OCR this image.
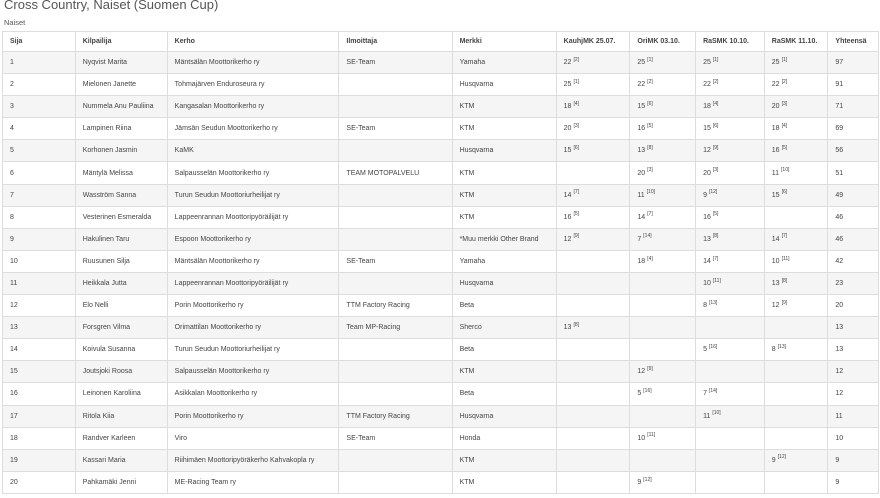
Cross Country, Naiset (Suomen Cup)
Naiset
Sija	Kilpailija	Kerho	Ilmoittaja	Merkki	KauhjMK 25.07.	OriMK 03.10.	RaSMK 10.10.	RaSMK 11.10.	Yhteensä
1	Nyqvist Marita	Mäntsälän Moottorikerho ry	SE-Team	Yamaha	22 [2]	25 [1]	25 [1]	25 [1]	97
2	Mielonen Janette	Tohmajärven Enduroseura ry		Husqvarna	25 [1]	22 [2]	22 [2]	22 [2]	91
3	Nummela Anu Pauliina	Kangasalan Moottorikerho ry		KTM	18 [4]	15 [6]	18 [4]	20 [3]	71
4	Lampinen Riina	Jämsän Seudun Moottorikerho ry	SE-Team	KTM	20 [3]	16 [5]	15 [6]	18 [4]	69
5	Korhonen Jasmin	KaMK		Husqvarna	15 [6]	13 [8]	12 [9]	16 [5]	56
6	Mäntylä Melissa	Salpausselän Moottorikerho ry	TEAM MOTOPALVELU	KTM		20 [3]	20 [3]	11 [10]	51
7	Wasström Sanna	Turun Seudun Moottoriurheilijat ry		KTM	14 [7]	11 [10]	9 [12]	15 [6]	49
8	Vesterinen Esmeralda	Lappeenrannan Moottoripyöräilijät ry		KTM	16 [5]	14 [7]	16 [5]		46
9	Hakulinen Taru	Espoon Moottorikerho ry		*Muu merkki Other Brand	12 [9]	7 [14]	13 [8]	14 [7]	46
10	Ruusunen Silja	Mäntsälän Moottorikerho ry	SE-Team	Yamaha		18 [4]	14 [7]	10 [11]	42
11	Heikkala Jutta	Lappeenrannan Moottoripyöräilijät ry		Husqvarna			10 [11]	13 [8]	23
12	Elo Nelli	Porin Moottorikerho ry	TTM Factory Racing	Beta			8 [13]	12 [9]	20
13	Forsgren Vilma	Orimattilan Moottorikerho ry	Team MP-Racing	Sherco	13 [8]				13
14	Koivula Susanna	Turun Seudun Moottoriurheilijat ry		Beta			5 [16]	8 [13]	13
15	Joutsjoki Roosa	Salpausselän Moottorikerho ry		KTM		12 [9]			12
16	Leinonen Karoliina	Asikkalan Moottorikerho ry		Beta		5 [16]	7 [14]		12
17	Ritola Kiia	Porin Moottorikerho ry	TTM Factory Racing	Husqvarna			11 [10]		11
18	Randver Karleen	Viro	SE-Team	Honda		10 [11]			10
19	Kassari Maria	Riihimäen Moottoripyöräkerho Kahvakopla ry		KTM				9 [12]	9
20	Pahkamäki Jenni	ME-Racing Team ry		KTM		9 [12]			9
